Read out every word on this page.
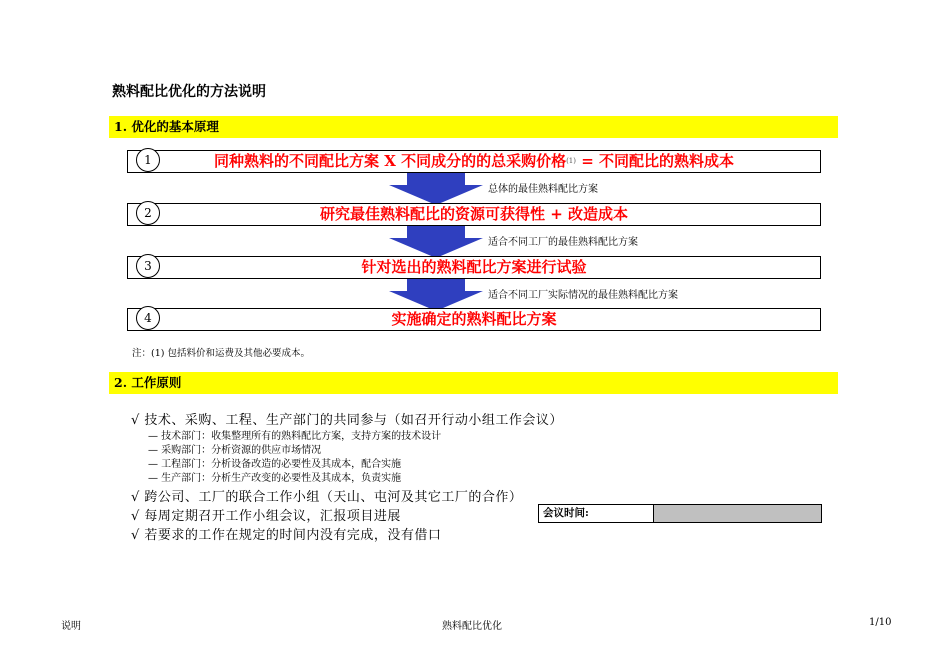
熟料配比优化的方法说明
1. 优化的基本原理
1	同种熟料的不同配比方案 X 不同成分的的总采购价格$^{(1)}$ = 不同配比的熟料成本
总体的最佳熟料配比方案
2	研究最佳熟料配比的资源可获得性 + 改造成本
适合不同工厂的最佳熟料配比方案
3	针对选出的熟料配比方案进行试验
适合不同工厂实际情况的最佳熟料配比方案
4	实施确定的熟料配比方案
注：(1) 包括料价和运费及其他必要成本。
2. 工作原则
√ 技术、采购、工程、生产部门的共同参与（如召开行动小组工作会议）
— 技术部门：收集整理所有的熟料配比方案，支持方案的技术设计
— 采购部门：分析资源的供应市场情况
— 工程部门：分析设备改造的必要性及其成本，配合实施
— 生产部门：分析生产改变的必要性及其成本，负责实施
√ 跨公司、工厂的联合工作小组（天山、屯河及其它工厂的合作）
√ 每周定期召开工作小组会议，汇报项目进展
√ 若要求的工作在规定的时间内没有完成，没有借口
会议时间:
说明	熟料配比优化	1/10
